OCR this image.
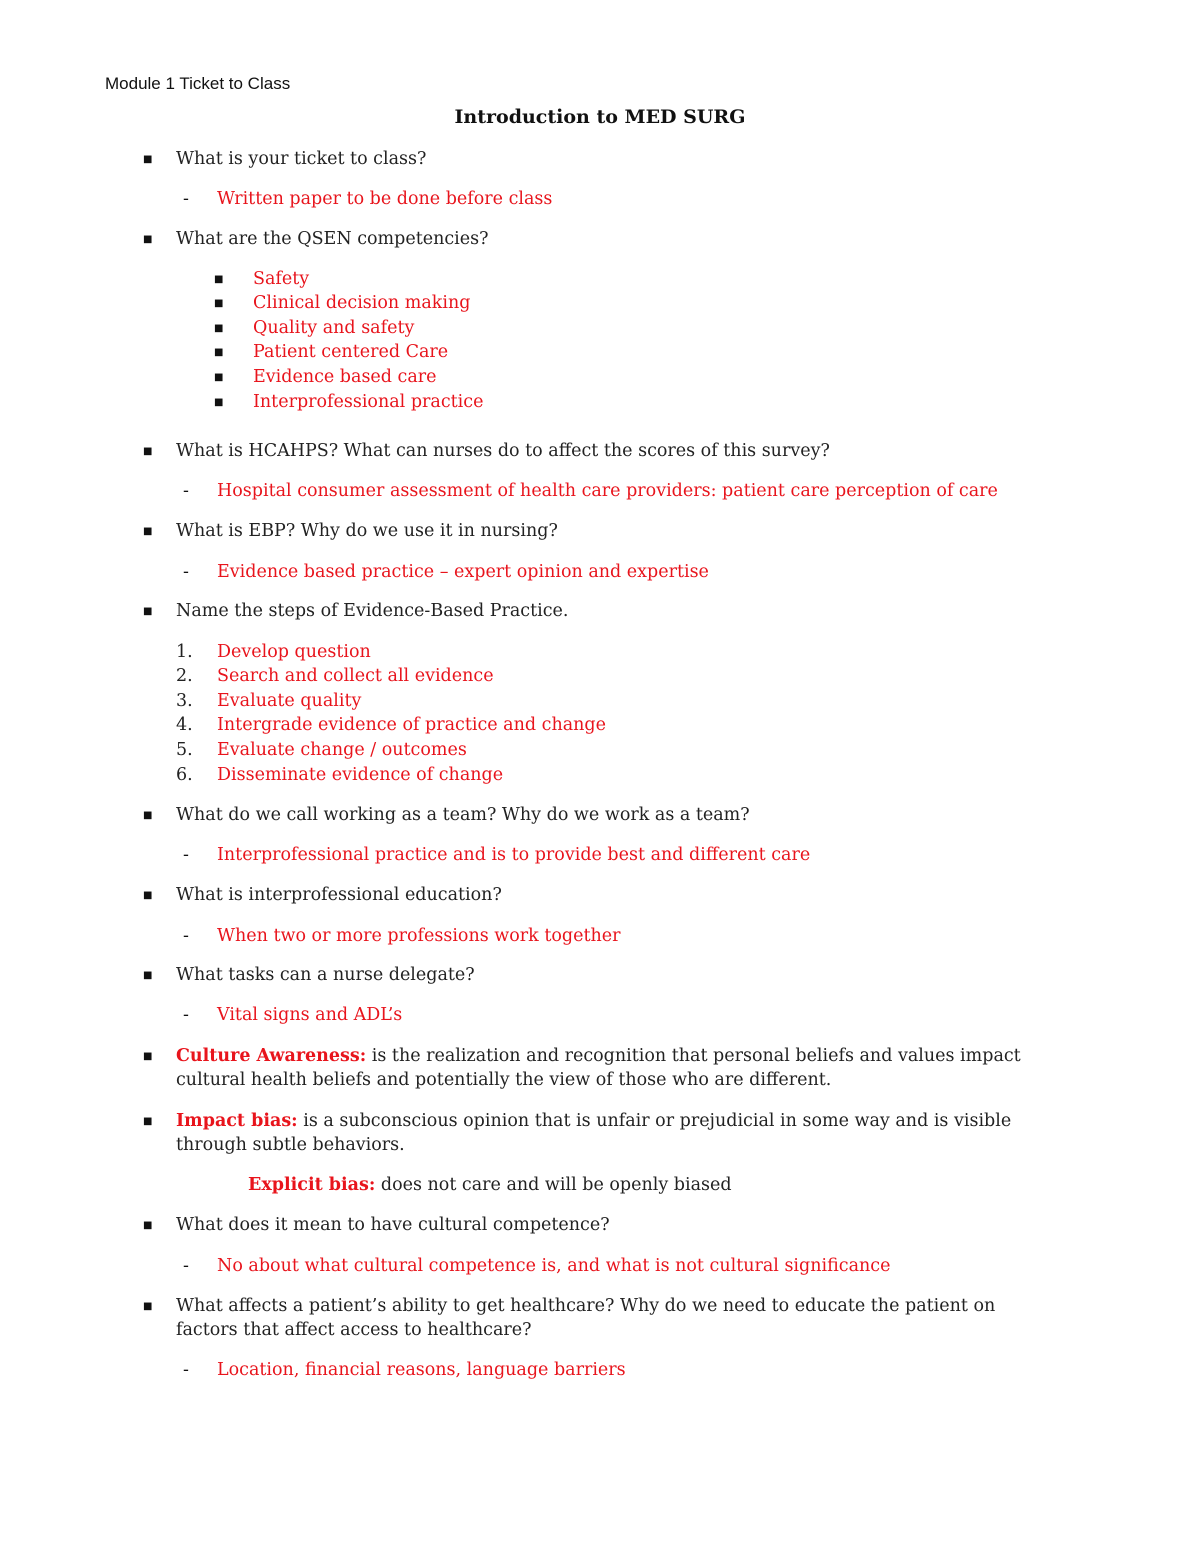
Module 1 Ticket to Class
Introduction to MED SURG
■ What is your ticket to class?
- Written paper to be done before class
■ What are the QSEN competencies?
■ Safety
■ Clinical decision making
■ Quality and safety
■ Patient centered Care
■ Evidence based care
■ Interprofessional practice
■ What is HCAHPS? What can nurses do to affect the scores of this survey?
- Hospital consumer assessment of health care providers: patient care perception of care
■ What is EBP? Why do we use it in nursing?
- Evidence based practice – expert opinion and expertise
■ Name the steps of Evidence-Based Practice.
1. Develop question
2. Search and collect all evidence
3. Evaluate quality
4. Intergrade evidence of practice and change
5. Evaluate change / outcomes
6. Disseminate evidence of change
■ What do we call working as a team? Why do we work as a team?
- Interprofessional practice and is to provide best and different care
■ What is interprofessional education?
- When two or more professions work together
■ What tasks can a nurse delegate?
- Vital signs and ADL’s
■ Culture Awareness: is the realization and recognition that personal beliefs and values impact
cultural health beliefs and potentially the view of those who are different.
■ Impact bias: is a subconscious opinion that is unfair or prejudicial in some way and is visible
through subtle behaviors.
Explicit bias: does not care and will be openly biased
■ What does it mean to have cultural competence?
- No about what cultural competence is, and what is not cultural significance
■ What affects a patient’s ability to get healthcare? Why do we need to educate the patient on
factors that affect access to healthcare?
- Location, financial reasons, language barriers
